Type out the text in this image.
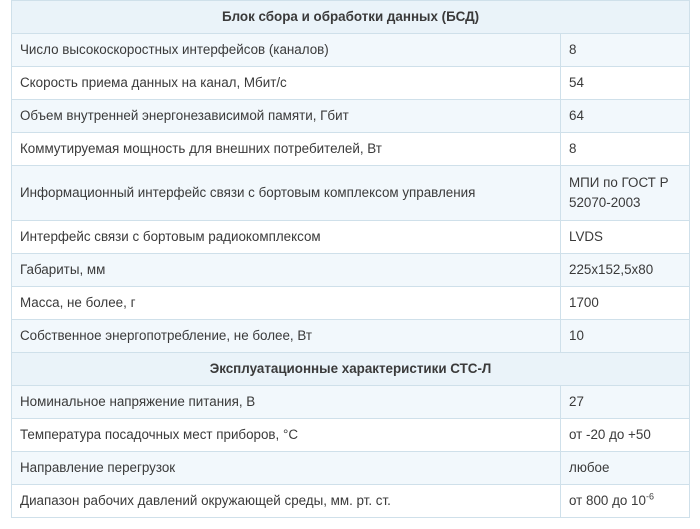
Блок сбора и обработки данных (БСД)	
Число высокоскоростных интерфейсов (каналов)	8
Скорость приема данных на канал, Мбит/с	54
Объем внутренней энергонезависимой памяти, Гбит	64
Коммутируемая мощность для внешних потребителей, Вт	8
Информационный интерфейс связи с бортовым комплексом управления	МПИ по ГОСТ Р 52070-2003
Интерфейс связи с бортовым радиокомплексом	LVDS
Габариты, мм	225x152,5x80
Масса, не более, г	1700
Собственное энергопотребление, не более, Вт	10
Эксплуатационные характеристики СТС-Л	
Номинальное напряжение питания, В	27
Температура посадочных мест приборов, °С	от -20 до +50
Направление перегрузок	любое
Диапазон рабочих давлений окружающей среды, мм. рт. ст.	от 800 до $10^{-6}$
